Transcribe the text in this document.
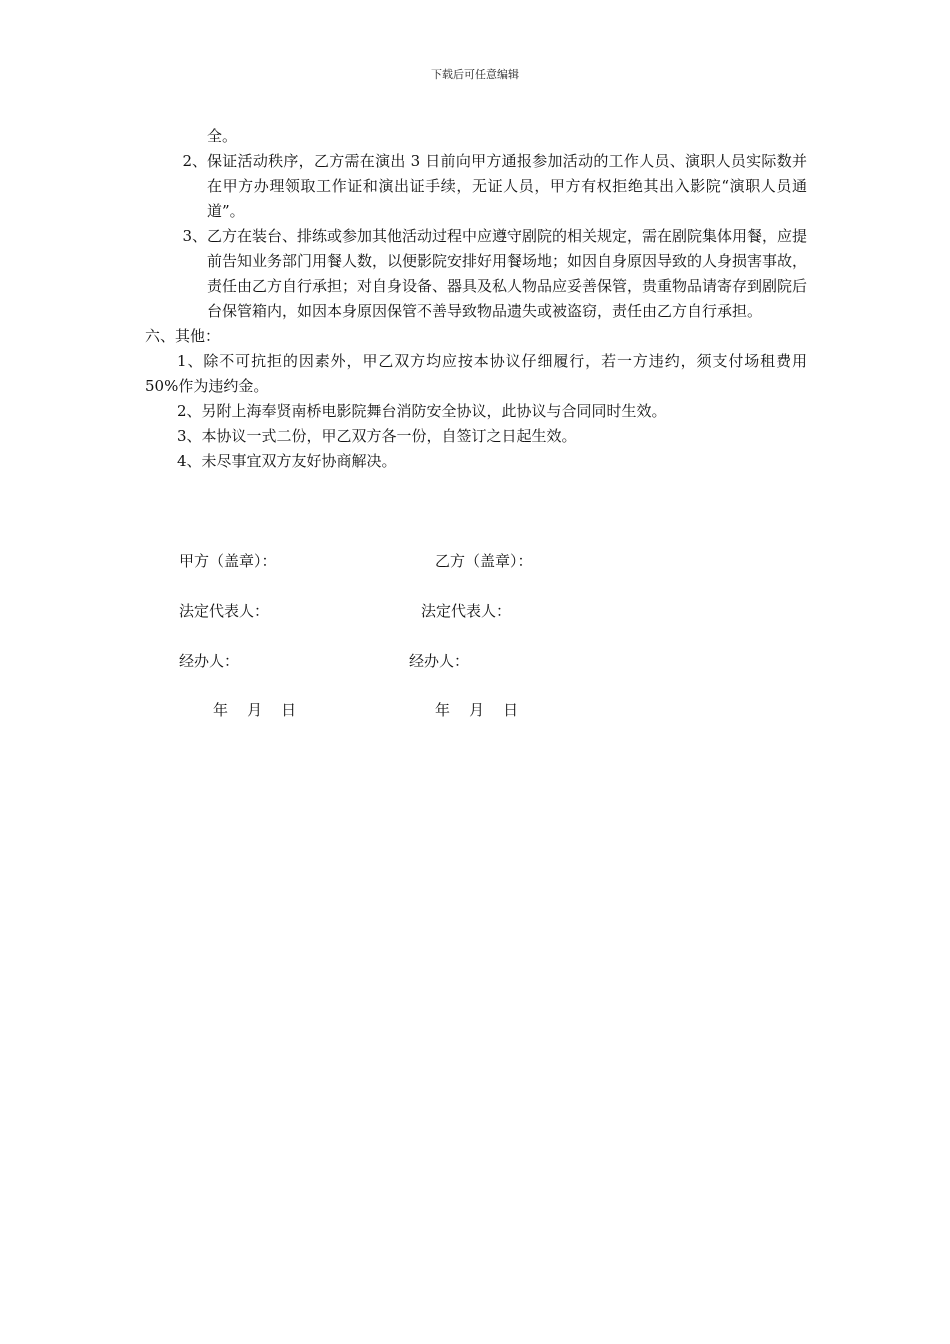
下载后可任意编辑

全。

2、 保证活动秩序，乙方需在演出 3 日前向甲方通报参加活动的工作人员、演职人员实际数并在甲方办理领取工作证和演出证手续，无证人员，甲方有权拒绝其出入影院“演职人员通道”。
3、 乙方在装台、排练或参加其他活动过程中应遵守剧院的相关规定，需在剧院集体用餐，应提前告知业务部门用餐人数，以便影院安排好用餐场地；如因自身原因导致的人身损害事故，责任由乙方自行承担；对自身设备、器具及私人物品应妥善保管，贵重物品请寄存到剧院后台保管箱内，如因本身原因保管不善导致物品遗失或被盗窃，责任由乙方自行承担。

六、其他：

1、除不可抗拒的因素外，甲乙双方均应按本协议仔细履行，若一方违约，须支付场租费用 50%作为违约金。

2、另附上海奉贤南桥电影院舞台消防安全协议，此协议与合同同时生效。

3、本协议一式二份，甲乙双方各一份，自签订之日起生效。

4、未尽事宜双方友好协商解决。

甲方（盖章）：	乙方（盖章）：
法定代表人：	法定代表人：
经办人：	经办人：
年    月    日	年    月    日
